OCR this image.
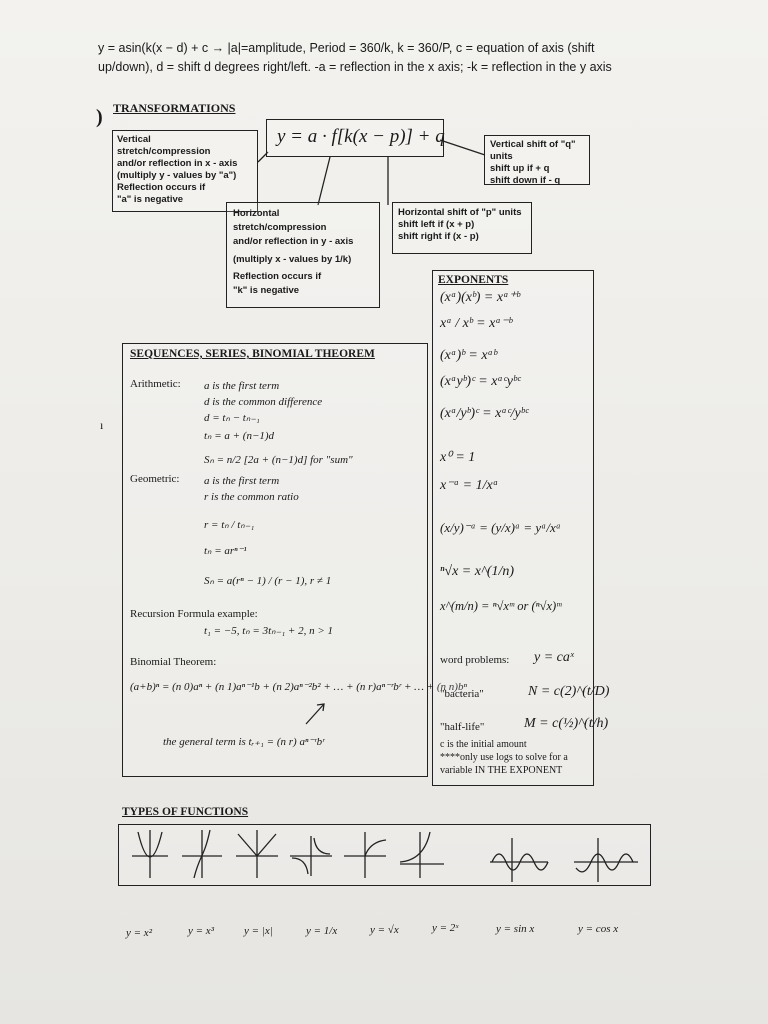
y = asin(k(x − d) + c → |a|=amplitude, Period = 360/k, k = 360/P, c = equation of axis (shift
up/down), d = shift d degrees right/left. -a = reflection in the x axis; -k = reflection in the y axis
) TRANSFORMATIONS
y = a · f[k(x − p)] + q
Vertical
stretch/compression
and/or reflection in x - axis
(multiply y - values by "a")
Reflection occurs if
"a" is negative
Vertical shift of "q" units
shift up if + q
shift down if - q
Horizontal
stretch/compression
and/or reflection in y - axis
(multiply x - values by 1/k)
Reflection occurs if
"k" is negative
Horizontal shift of "p" units
shift left if (x + p)
shift right if (x - p)
SEQUENCES, SERIES, BINOMIAL THEOREM
Arithmetic: a is the first term
d is the common difference
d = tₙ − tₙ₋₁
tₙ = a + (n−1)d
Sₙ = n/2 [2a + (n−1)d] for "sum"
Geometric: a is the first term
r is the common ratio
r = tₙ / tₙ₋₁
tₙ = arⁿ⁻¹
Sₙ = a(rⁿ − 1) / (r − 1), r ≠ 1
Recursion Formula example:
t₁ = −5, tₙ = 3tₙ₋₁ + 2, n > 1
Binomial Theorem:
(a+b)ⁿ = (n 0)aⁿ + (n 1)aⁿ⁻¹b + (n 2)aⁿ⁻²b² + … + (n r)aⁿ⁻ʳbʳ + … + (n n)bⁿ
the general term is tᵣ₊₁ = (n r) aⁿ⁻ʳbʳ
EXPONENTS
(xᵃ)(xᵇ) = xᵃ⁺ᵇ
xᵃ / xᵇ = xᵃ⁻ᵇ
(xᵃ)ᵇ = xᵃᵇ
(xᵃyᵇ)ᶜ = xᵃᶜyᵇᶜ
(xᵃ/yᵇ)ᶜ = xᵃᶜ/yᵇᶜ
x⁰ = 1
x⁻ᵃ = 1/xᵃ
(x/y)⁻ᵃ = (y/x)ᵃ = yᵃ/xᵃ
ⁿ√x = x^(1/n)
x^(m/n) = ⁿ√xᵐ or (ⁿ√x)ᵐ
word problems: y = caˣ
"bacteria"	N = c(2)^(t/D)
"half-life"	M = c(½)^(t/h)
c is the initial amount
****only use logs to solve for a
variable IN THE EXPONENT
TYPES OF FUNCTIONS
y = x²	y = x³	y = |x|	y = 1/x	y = √x	y = 2ˣ	y = sin x	y = cos x
ı
